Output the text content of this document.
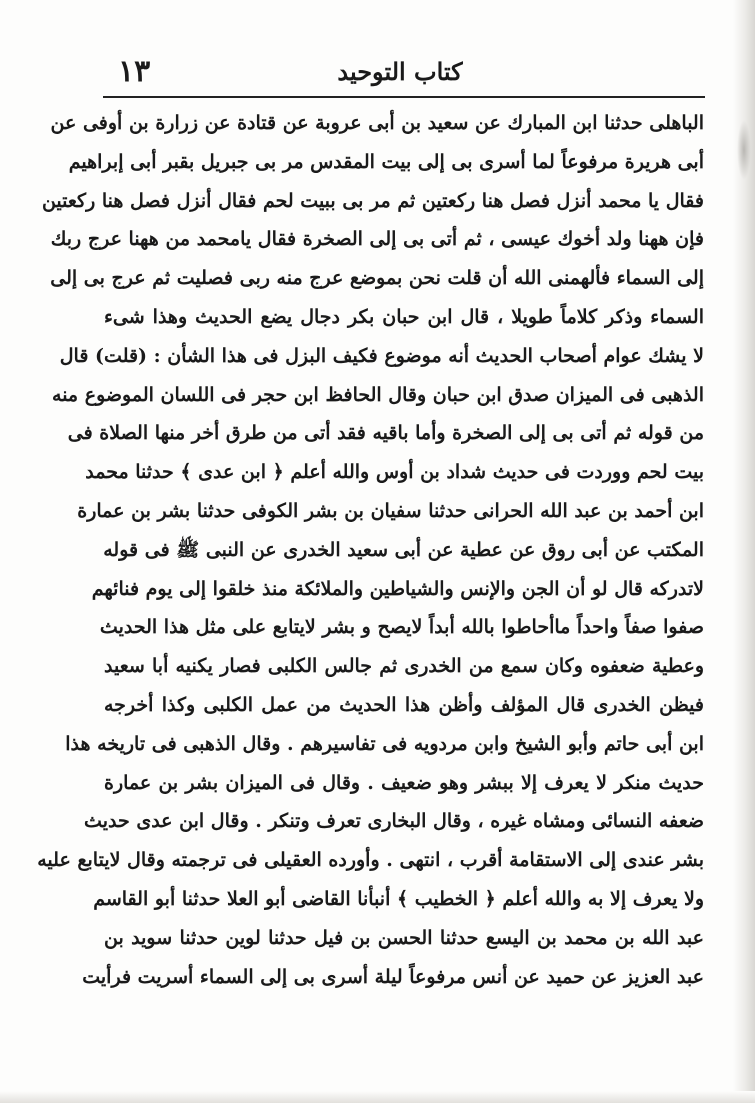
١٣	كتاب التوحيد
الباهلى حدثنا ابن المبارك عن سعيد بن أبى عروبة عن قتادة عن زرارة بن أوفى عن
أبى هريرة مرفوعاً لما أسرى بى إلى بيت المقدس مر بى جبريل بقبر أبى إبراهيم
فقال يا محمد أنزل فصل هنا ركعتين ثم مر بى ببيت لحم فقال أنزل فصل هنا ركعتين
فإن ههنا ولد أخوك عيسى ، ثم أتى بى إلى الصخرة فقال يامحمد من ههنا عرج ربك
إلى السماء فألهمنى الله أن قلت نحن بموضع عرج منه ربى فصليت ثم عرج بى إلى
السماء وذكر كلاماً طويلا ، قال ابن حبان بكر دجال يضع الحديث وهذا شىء
لا يشك عوام أصحاب الحديث أنه موضوع فكيف البزل فى هذا الشأن : (قلت) قال
الذهبى فى الميزان صدق ابن حبان وقال الحافظ ابن حجر فى اللسان الموضوع منه
من قوله ثم أتى بى إلى الصخرة وأما باقيه فقد أتى من طرق أخر منها الصلاة فى
بيت لحم ووردت فى حديث شداد بن أوس والله أعلم ﴿ ابن عدى ﴾ حدثنا محمد
ابن أحمد بن عبد الله الحرانى حدثنا سفيان بن بشر الكوفى حدثنا بشر بن عمارة
المكتب عن أبى روق عن عطية عن أبى سعيد الخدرى عن النبى ﷺ فى قوله
لاتدركه قال لو أن الجن والإنس والشياطين والملائكة منذ خلقوا إلى يوم فنائهم
صفوا صفاً واحداً ماأحاطوا بالله أبداً لايصح و بشر لايتابع على مثل هذا الحديث
وعطية ضعفوه وكان سمع من الخدرى ثم جالس الكلبى فصار يكنيه أبا سعيد
فيظن الخدرى قال المؤلف وأظن هذا الحديث من عمل الكلبى وكذا أخرجه
ابن أبى حاتم وأبو الشيخ وابن مردويه فى تفاسيرهم . وقال الذهبى فى تاريخه هذا
حديث منكر لا يعرف إلا ببشر وهو ضعيف . وقال فى الميزان بشر بن عمارة
ضعفه النسائى ومشاه غيره ، وقال البخارى تعرف وتنكر . وقال ابن عدى حديث
بشر عندى إلى الاستقامة أقرب ، انتهى . وأورده العقيلى فى ترجمته وقال لايتابع عليه
ولا يعرف إلا به والله أعلم ﴿ الخطيب ﴾ أنبأنا القاضى أبو العلا حدثنا أبو القاسم
عبد الله بن محمد بن اليسع حدثنا الحسن بن فيل حدثنا لوين حدثنا سويد بن
عبد العزيز عن حميد عن أنس مرفوعاً ليلة أسرى بى إلى السماء أسريت فرأيت
